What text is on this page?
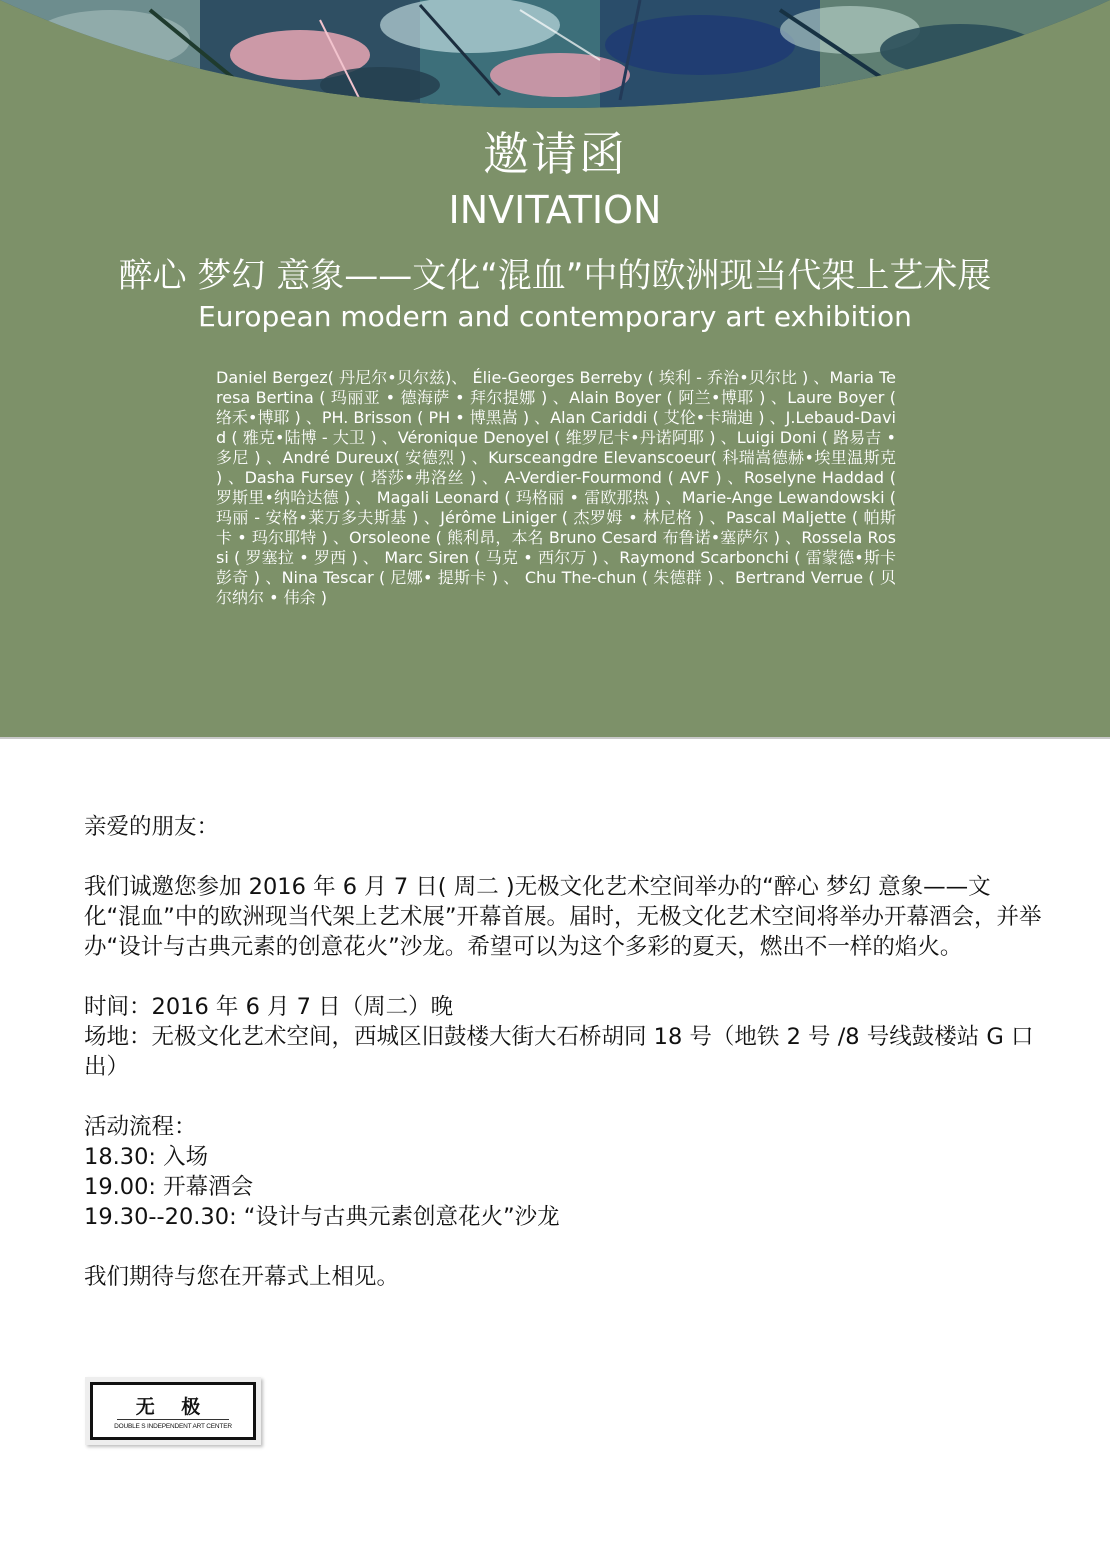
邀请函
INVITATION
醉心 梦幻 意象——文化“混血”中的欧洲现当代架上艺术展
European modern and contemporary art exhibition
Daniel Bergez( 丹尼尔•贝尔兹)、 Élie-Georges Berreby ( 埃利 - 乔治•贝尔比 ) 、Maria Teresa Bertina ( 玛丽亚 • 德海萨 • 拜尔提娜 ) 、Alain Boyer ( 阿兰•博耶 ) 、Laure Boyer ( 络禾•博耶 ) 、PH. Brisson ( PH • 博黑嵩 ) 、Alan Cariddi ( 艾伦•卡瑞迪 ) 、J.Lebaud-David ( 雅克•陆博 - 大卫 ) 、Véronique Denoyel ( 维罗尼卡•丹诺阿耶 ) 、Luigi Doni ( 路易吉 • 多尼 ) 、André Dureux( 安德烈 ) 、Kursceangdre Elevanscoeur( 科瑞嵩德赫•埃里温斯克 ) 、Dasha Fursey ( 塔莎•弗洛丝 ) 、 A-Verdier-Fourmond ( AVF ) 、Roselyne Haddad ( 罗斯里•纳哈达德 ) 、 Magali Leonard ( 玛格丽 • 雷欧那热 ) 、Marie-Ange Lewandowski ( 玛丽 - 安格•莱万多夫斯基 ) 、Jérôme Liniger ( 杰罗姆 • 林尼格 ) 、Pascal Maljette ( 帕斯卡 • 玛尔耶特 ) 、Orsoleone ( 熊利昂，本名 Bruno Cesard 布鲁诺•塞萨尔 ) 、Rossela Rossi ( 罗塞拉 • 罗西 ) 、 Marc Siren ( 马克 • 西尔万 ) 、Raymond Scarbonchi ( 雷蒙德•斯卡彭奇 ) 、Nina Tescar ( 尼娜• 提斯卡 ) 、 Chu The-chun ( 朱德群 ) 、Bertrand Verrue ( 贝尔纳尔 • 伟余 )

亲爱的朋友：

我们诚邀您参加 2016 年 6 月 7 日( 周二 )无极文化艺术空间举办的“醉心 梦幻 意象——文化“混血”中的欧洲现当代架上艺术展”开幕首展。届时，无极文化艺术空间将举办开幕酒会，并举办“设计与古典元素的创意花火”沙龙。希望可以为这个多彩的夏天，燃出不一样的焰火。

时间：2016 年 6 月 7 日（周二）晚

场地：无极文化艺术空间，西城区旧鼓楼大街大石桥胡同 18 号（地铁 2 号 /8 号线鼓楼站 G 口出）

活动流程：

18.30: 入场

19.00: 开幕酒会

19.30--20.30: “设计与古典元素创意花火”沙龙

我们期待与您在开幕式上相见。

无 极
DOUBLE S INDEPENDENT ART CENTER
